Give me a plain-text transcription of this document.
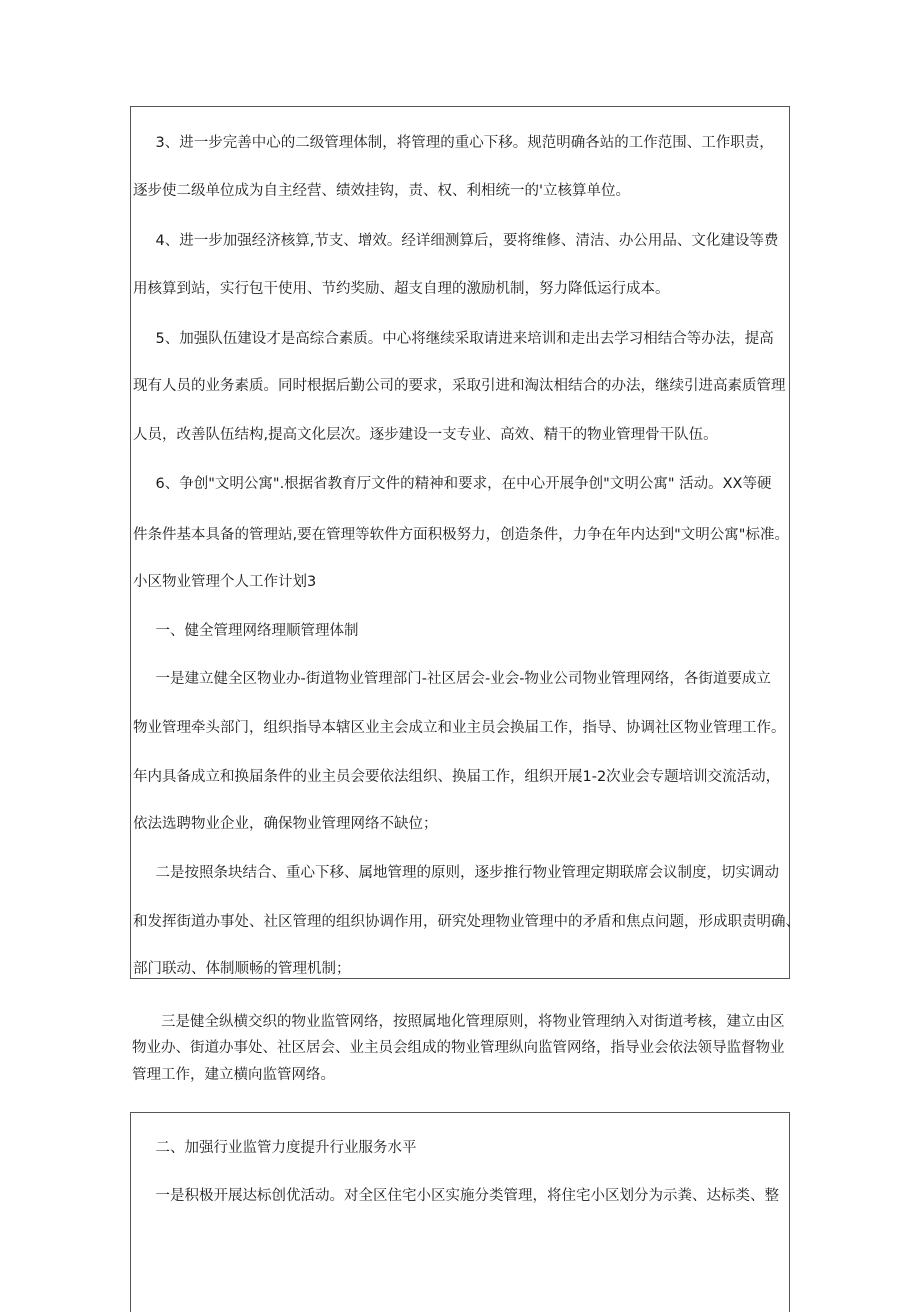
　3、进一步完善中心的二级管理体制，将管理的重心下移。规范明确各站的工作范围、工作职责，
逐步使二级单位成为自主经营、绩效挂钩，责、权、利相统一的'立核算单位。
　4、进一步加强经济核算,节支、增效。经详细测算后，要将维修、清洁、办公用品、文化建设等费
用核算到站，实行包干使用、节约奖励、超支自理的激励机制，努力降低运行成本。
　5、加强队伍建设才是高综合素质。中心将继续采取请进来培训和走出去学习相结合等办法，提高
现有人员的业务素质。同时根据后勤公司的要求，采取引进和淘汰相结合的办法，继续引进高素质管理
人员，改善队伍结构,提高文化层次。逐步建设一支专业、高效、精干的物业管理骨干队伍。
　6、争创"文明公寓".根据省教育厅文件的精神和要求，在中心开展争创"文明公寓" 活动。XX等硬
件条件基本具备的管理站,要在管理等软件方面积极努力，创造条件，力争在年内达到"文明公寓"标准。
小区物业管理个人工作计划3
　一、健全管理网络理顺管理体制
　一是建立健全区物业办-街道物业管理部门-社区居会-业会-物业公司物业管理网络，各街道要成立
物业管理牵头部门，组织指导本辖区业主会成立和业主员会换届工作，指导、协调社区物业管理工作。
年内具备成立和换届条件的业主员会要依法组织、换届工作，组织开展1-2次业会专题培训交流活动，
依法选聘物业企业，确保物业管理网络不缺位；
　二是按照条块结合、重心下移、属地管理的原则，逐步推行物业管理定期联席会议制度，切实调动
和发挥街道办事处、社区管理的组织协调作用，研究处理物业管理中的矛盾和焦点问题，形成职责明确、
部门联动、体制顺畅的管理机制；
　　三是健全纵横交织的物业监管网络，按照属地化管理原则，将物业管理纳入对街道考核，建立由区
物业办、街道办事处、社区居会、业主员会组成的物业管理纵向监管网络，指导业会依法领导监督物业
管理工作，建立横向监管网络。
　二、加强行业监管力度提升行业服务水平
　一是积极开展达标创优活动。对全区住宅小区实施分类管理，将住宅小区划分为示粪、达标类、整
